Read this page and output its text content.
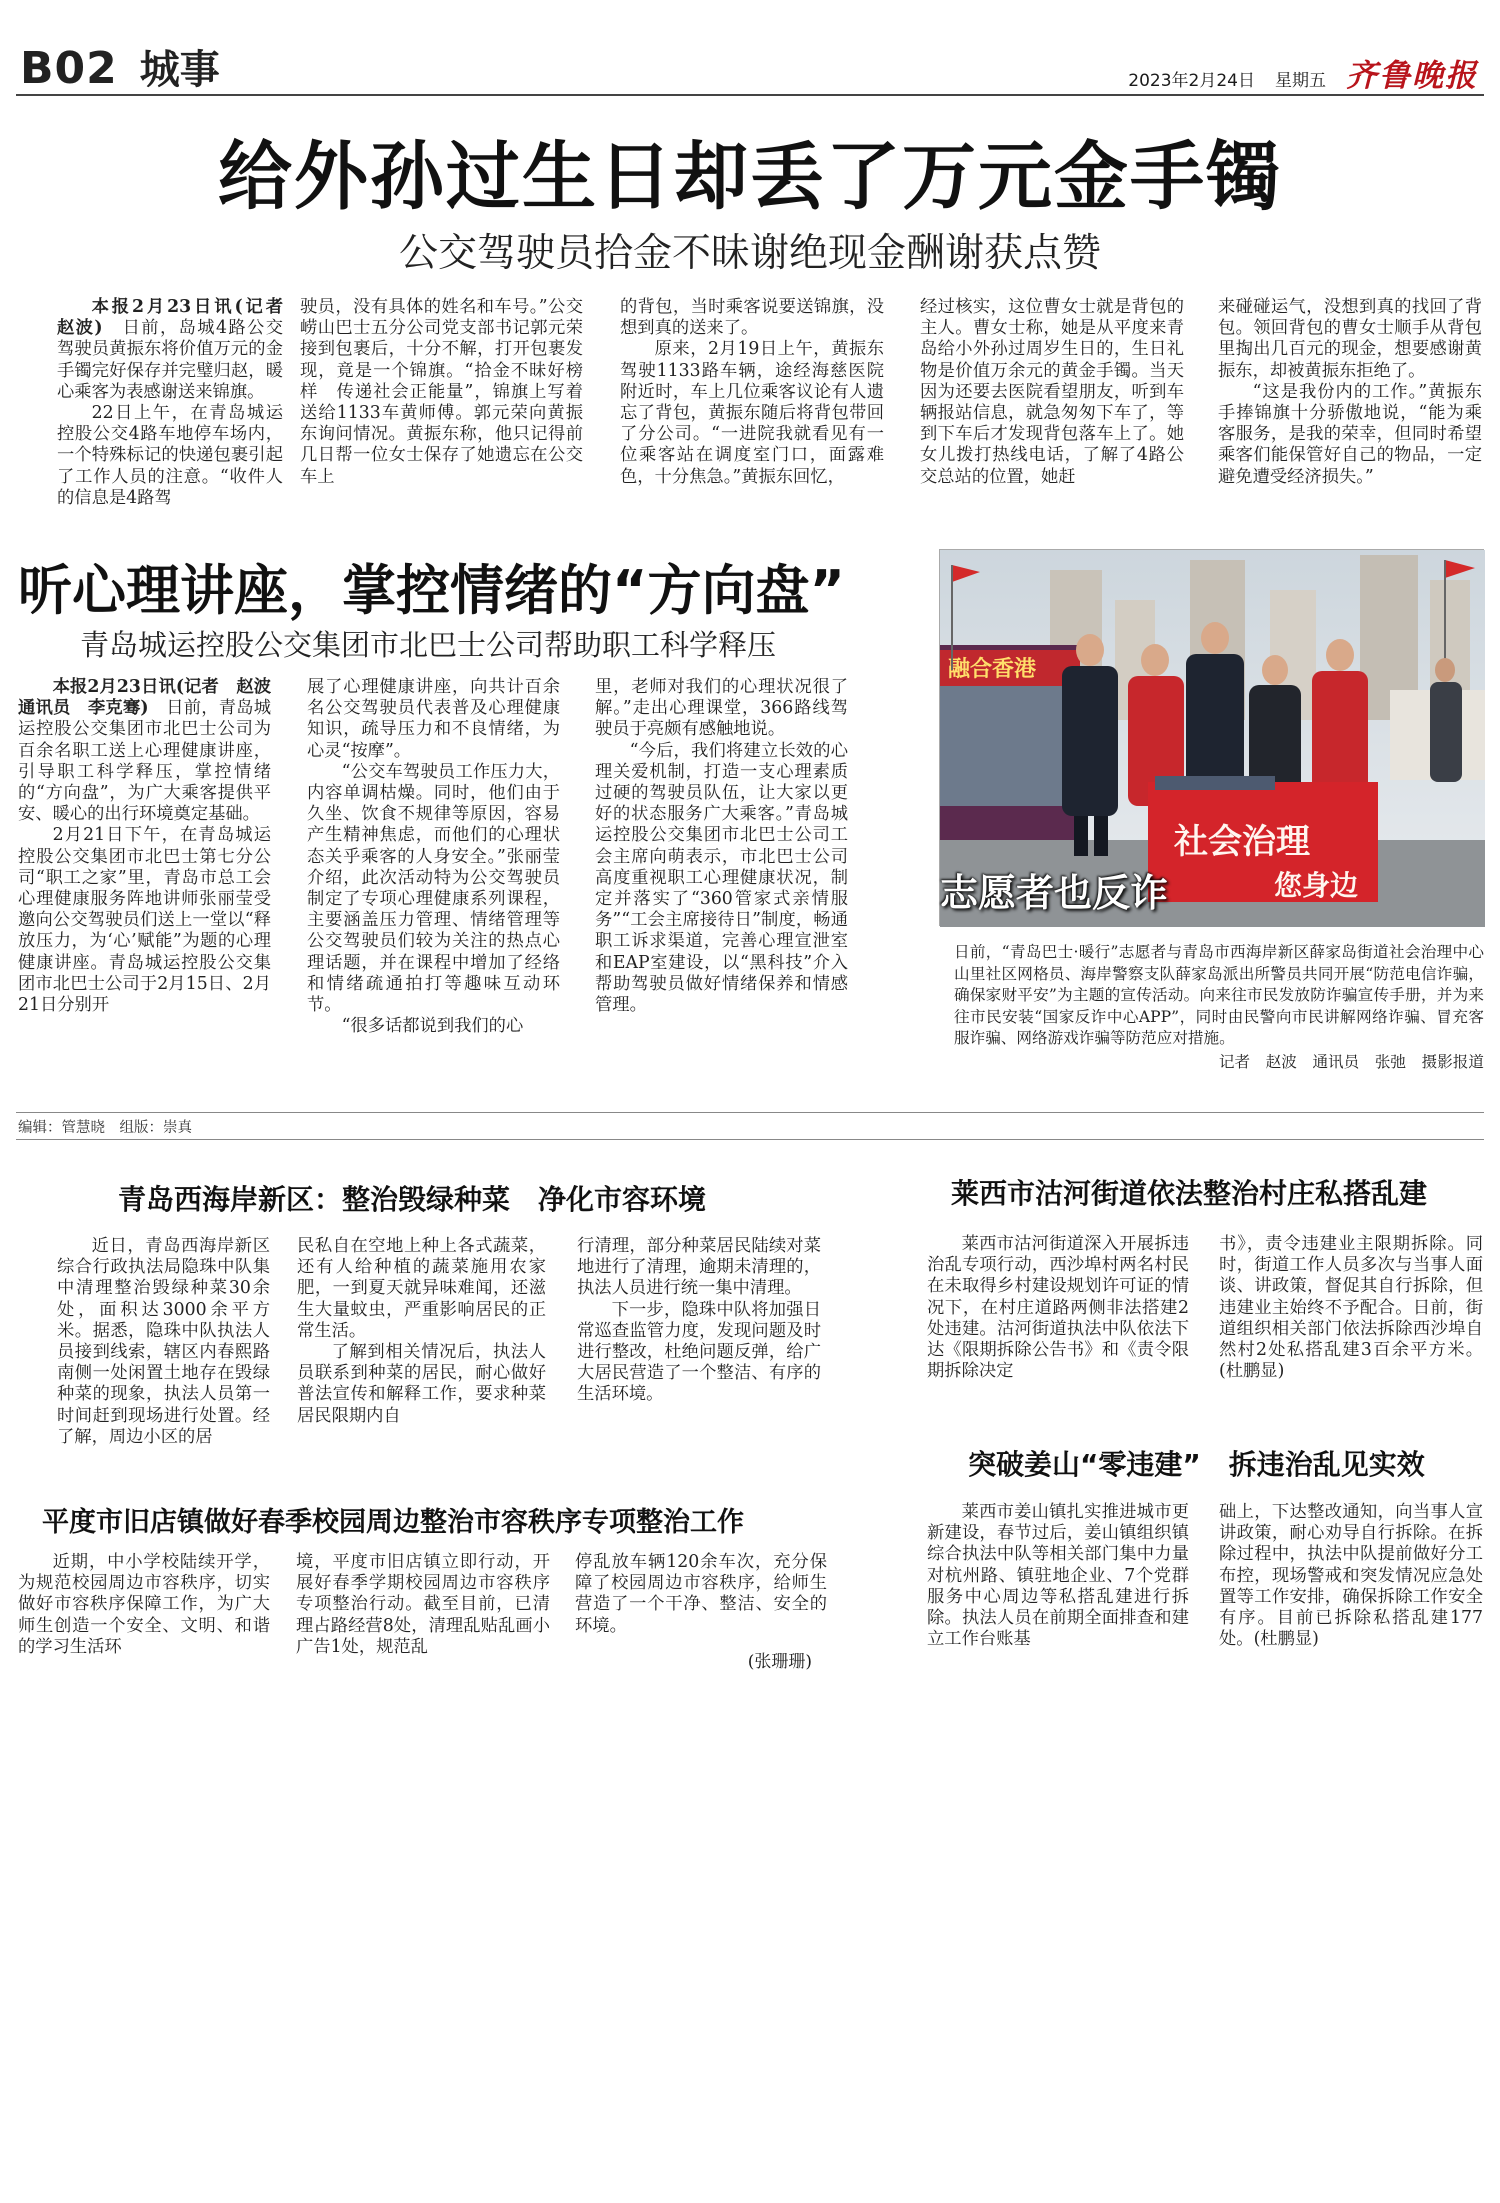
B02 城事	2023年2月24日 星期五 齐鲁晚报
给外孙过生日却丢了万元金手镯
公交驾驶员拾金不昧谢绝现金酬谢获点赞

本报2月23日讯(记者　赵波)　日前，岛城4路公交驾驶员黄振东将价值万元的金手镯完好保存并完璧归赵，暖心乘客为表感谢送来锦旗。

22日上午，在青岛城运控股公交4路车地停车场内，一个特殊标记的快递包裹引起了工作人员的注意。“收件人的信息是4路驾

驶员，没有具体的姓名和车号。”公交崂山巴士五分公司党支部书记郭元荣接到包裹后，十分不解，打开包裹发现，竟是一个锦旗。“拾金不昧好榜样　传递社会正能量”，锦旗上写着送给1133车黄师傅。郭元荣向黄振东询问情况。黄振东称，他只记得前几日帮一位女士保存了她遗忘在公交车上

的背包，当时乘客说要送锦旗，没想到真的送来了。

原来，2月19日上午，黄振东驾驶1133路车辆，途经海慈医院附近时，车上几位乘客议论有人遗忘了背包，黄振东随后将背包带回了分公司。“一进院我就看见有一位乘客站在调度室门口，面露难色，十分焦急。”黄振东回忆，

经过核实，这位曹女士就是背包的主人。曹女士称，她是从平度来青岛给小外孙过周岁生日的，生日礼物是价值万余元的黄金手镯。当天因为还要去医院看望朋友，听到车辆报站信息，就急匆匆下车了，等到下车后才发现背包落车上了。她女儿拨打热线电话，了解了4路公交总站的位置，她赶

来碰碰运气，没想到真的找回了背包。领回背包的曹女士顺手从背包里掏出几百元的现金，想要感谢黄振东，却被黄振东拒绝了。

“这是我份内的工作。”黄振东手捧锦旗十分骄傲地说，“能为乘客服务，是我的荣幸，但同时希望乘客们能保管好自己的物品，一定避免遭受经济损失。”

听心理讲座，掌控情绪的“方向盘”
青岛城运控股公交集团市北巴士公司帮助职工科学释压

本报2月23日讯(记者　赵波　通讯员　李克骞)　日前，青岛城运控股公交集团市北巴士公司为百余名职工送上心理健康讲座，引导职工科学释压，掌控情绪的“方向盘”，为广大乘客提供平安、暖心的出行环境奠定基础。

2月21日下午，在青岛城运控股公交集团市北巴士第七分公司“职工之家”里，青岛市总工会心理健康服务阵地讲师张丽莹受邀向公交驾驶员们送上一堂以“释放压力，为‘心’赋能”为题的心理健康讲座。青岛城运控股公交集团市北巴士公司于2月15日、2月21日分别开

展了心理健康讲座，向共计百余名公交驾驶员代表普及心理健康知识，疏导压力和不良情绪，为心灵“按摩”。

“公交车驾驶员工作压力大，内容单调枯燥。同时，他们由于久坐、饮食不规律等原因，容易产生精神焦虑，而他们的心理状态关乎乘客的人身安全。”张丽莹介绍，此次活动特为公交驾驶员制定了专项心理健康系列课程，主要涵盖压力管理、情绪管理等公交驾驶员们较为关注的热点心理话题，并在课程中增加了经络和情绪疏通拍打等趣味互动环节。

“很多话都说到我们的心

里，老师对我们的心理状况很了解。”走出心理课堂，366路线驾驶员于亮颇有感触地说。

“今后，我们将建立长效的心理关爱机制，打造一支心理素质过硬的驾驶员队伍，让大家以更好的状态服务广大乘客。”青岛城运控股公交集团市北巴士公司工会主席向萌表示，市北巴士公司高度重视职工心理健康状况，制定并落实了“360管家式亲情服务”“工会主席接待日”制度，畅通职工诉求渠道，完善心理宣泄室和EAP室建设，以“黑科技”介入帮助驾驶员做好情绪保养和情感管理。

融合香港
社会治理
您身边
志愿者也反诈
日前，“青岛巴士·暖行”志愿者与青岛市西海岸新区薛家岛街道社会治理中心山里社区网格员、海岸警察支队薛家岛派出所警员共同开展“防范电信诈骗，确保家财平安”为主题的宣传活动。向来往市民发放防诈骗宣传手册，并为来往市民安装“国家反诈中心APP”，同时由民警向市民讲解网络诈骗、冒充客服诈骗、网络游戏诈骗等防范应对措施。
记者　赵波　通讯员　张弛　摄影报道
编辑：管慧晓　组版：崇真
青岛西海岸新区：整治毁绿种菜　净化市容环境

近日，青岛西海岸新区综合行政执法局隐珠中队集中清理整治毁绿种菜30余处，面积达3000余平方米。据悉，隐珠中队执法人员接到线索，辖区内春熙路南侧一处闲置土地存在毁绿种菜的现象，执法人员第一时间赶到现场进行处置。经了解，周边小区的居

民私自在空地上种上各式蔬菜，还有人给种植的蔬菜施用农家肥，一到夏天就异味难闻，还滋生大量蚊虫，严重影响居民的正常生活。

了解到相关情况后，执法人员联系到种菜的居民，耐心做好普法宣传和解释工作，要求种菜居民限期内自

行清理，部分种菜居民陆续对菜地进行了清理，逾期未清理的，执法人员进行统一集中清理。

下一步，隐珠中队将加强日常巡查监管力度，发现问题及时进行整改，杜绝问题反弹，给广大居民营造了一个整洁、有序的生活环境。

莱西市沽河街道依法整治村庄私搭乱建

莱西市沽河街道深入开展拆违治乱专项行动，西沙埠村两名村民在未取得乡村建设规划许可证的情况下，在村庄道路两侧非法搭建2处违建。沽河街道执法中队依法下达《限期拆除公告书》和《责令限期拆除决定

书》，责令违建业主限期拆除。同时，街道工作人员多次与当事人面谈、讲政策，督促其自行拆除，但违建业主始终不予配合。日前，街道组织相关部门依法拆除西沙埠自然村2处私搭乱建3百余平方米。(杜鹏显)

平度市旧店镇做好春季校园周边整治市容秩序专项整治工作

近期，中小学校陆续开学，为规范校园周边市容秩序，切实做好市容秩序保障工作，为广大师生创造一个安全、文明、和谐的学习生活环

境，平度市旧店镇立即行动，开展好春季学期校园周边市容秩序专项整治行动。截至目前，已清理占路经营8处，清理乱贴乱画小广告1处，规范乱

停乱放车辆120余车次，充分保障了校园周边市容秩序，给师生营造了一个干净、整洁、安全的环境。

(张珊珊)
突破姜山“零违建”　拆违治乱见实效

莱西市姜山镇扎实推进城市更新建设，春节过后，姜山镇组织镇综合执法中队等相关部门集中力量对杭州路、镇驻地企业、7个党群服务中心周边等私搭乱建进行拆除。执法人员在前期全面排查和建立工作台账基

础上，下达整改通知，向当事人宣讲政策，耐心劝导自行拆除。在拆除过程中，执法中队提前做好分工布控，现场警戒和突发情况应急处置等工作安排，确保拆除工作安全有序。目前已拆除私搭乱建177处。(杜鹏显)
